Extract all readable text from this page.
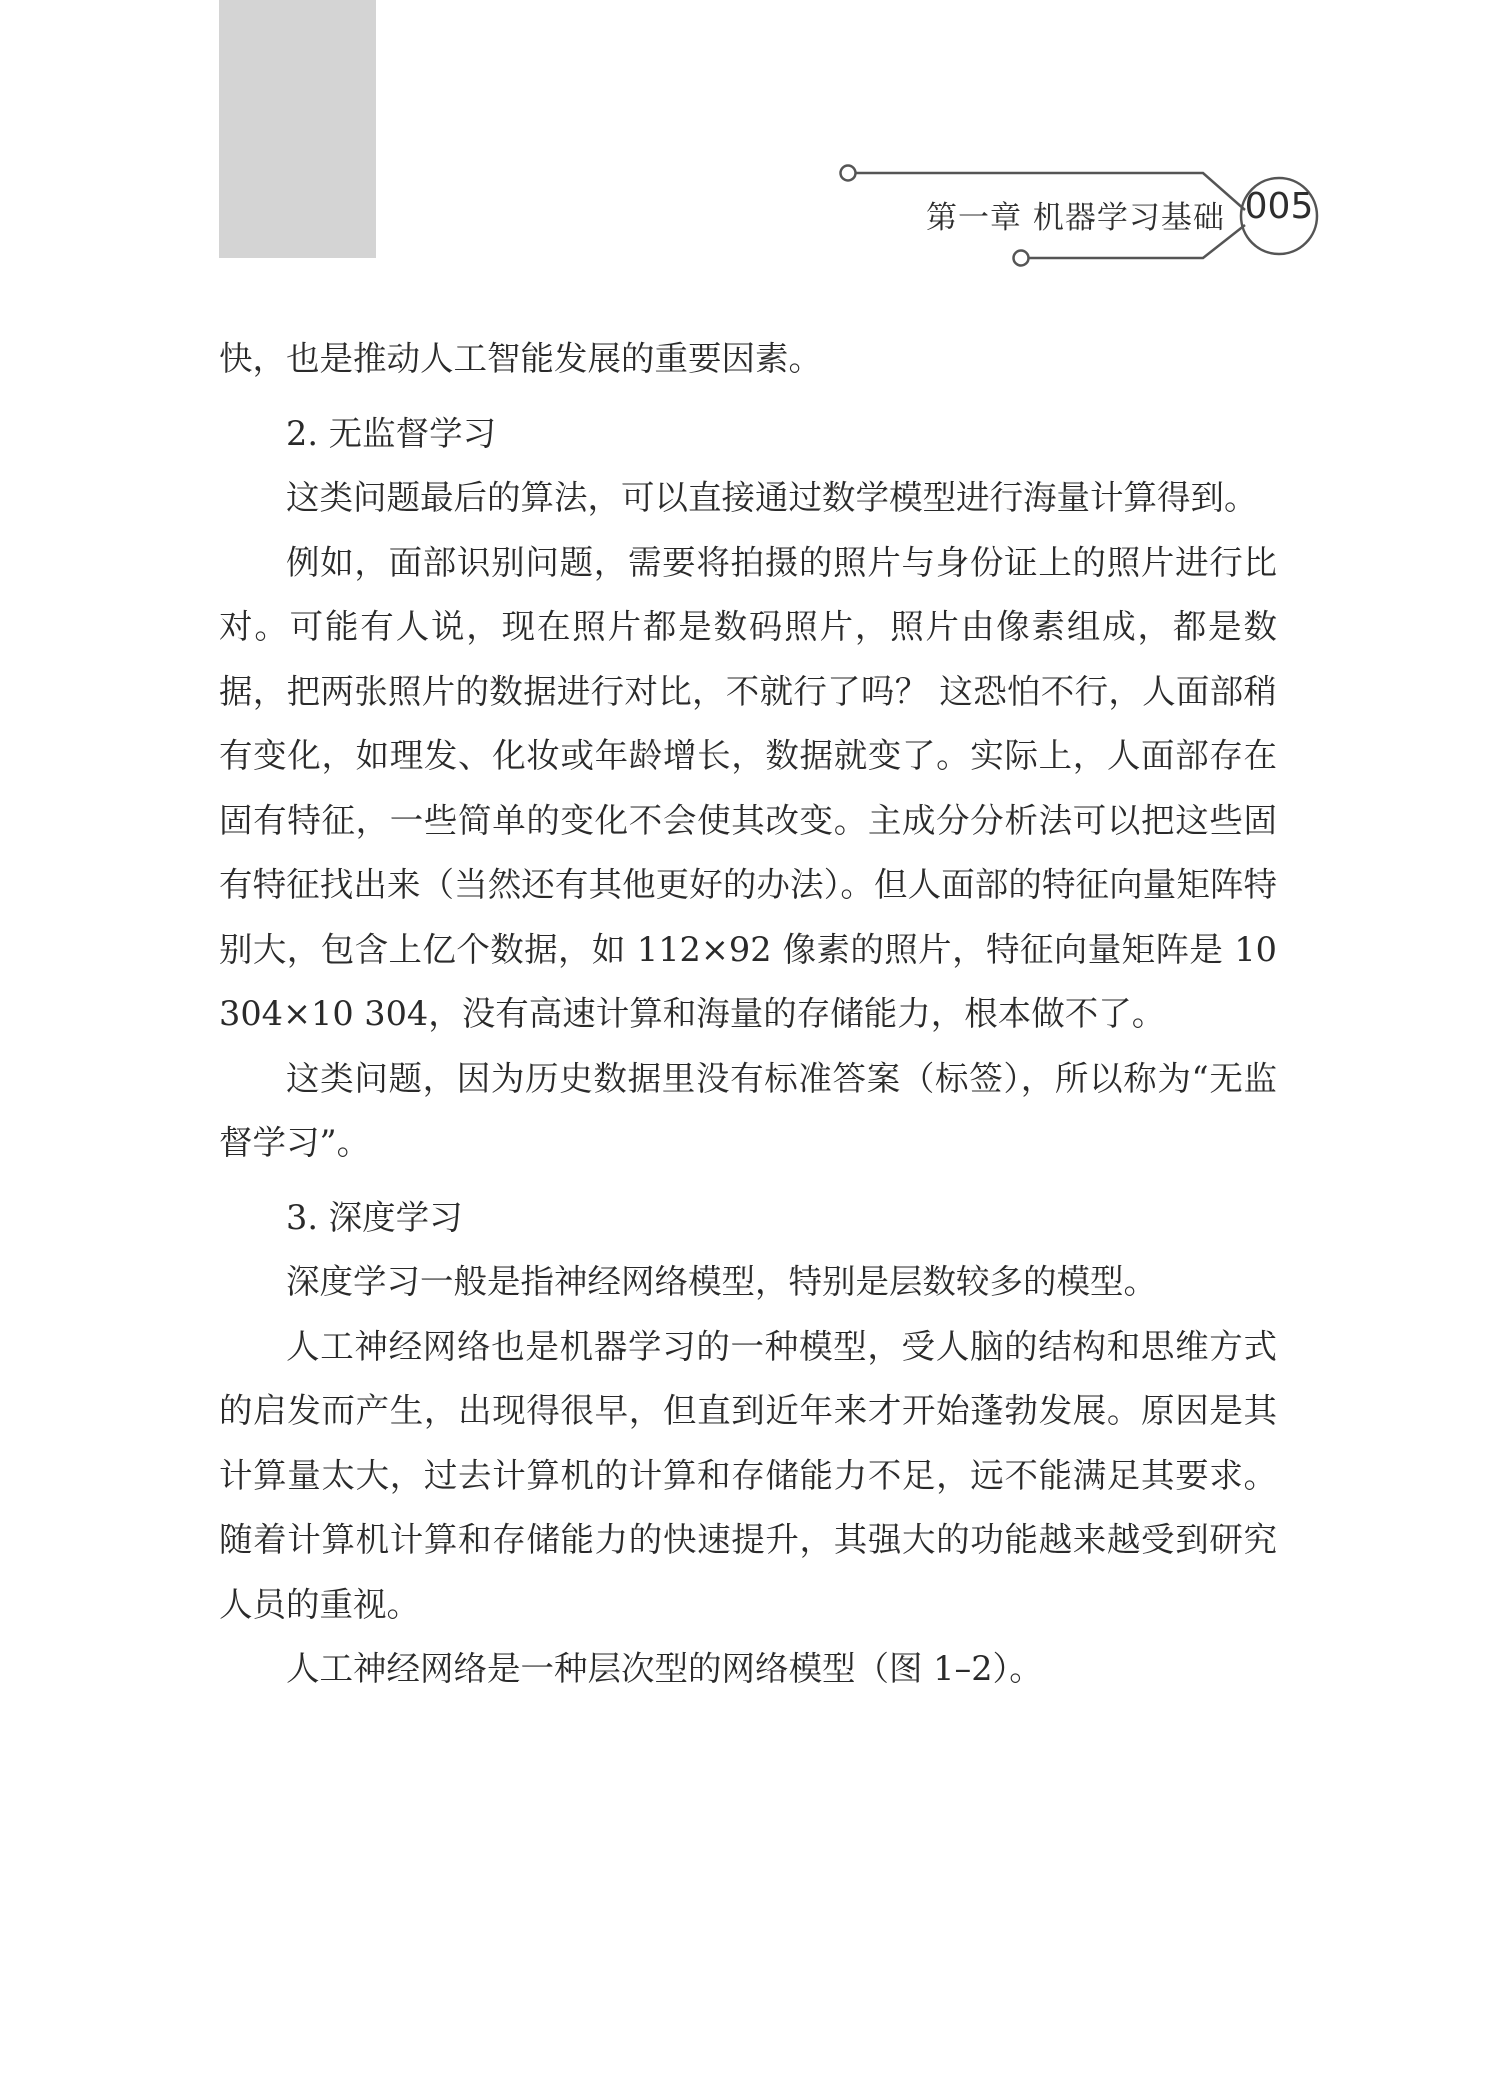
第一章 机器学习基础 005

快，也是推动人工智能发展的重要因素。

2. 无监督学习

这类问题最后的算法，可以直接通过数学模型进行海量计算得到。

例如，面部识别问题，需要将拍摄的照片与身份证上的照片进行比对。可能有人说，现在照片都是数码照片，照片由像素组成，都是数据，把两张照片的数据进行对比，不就行了吗？ 这恐怕不行，人面部稍有变化，如理发、化妆或年龄增长，数据就变了。实际上，人面部存在固有特征，一些简单的变化不会使其改变。主成分分析法可以把这些固有特征找出来（当然还有其他更好的办法）。但人面部的特征向量矩阵特别大，包含上亿个数据，如 112×92 像素的照片，特征向量矩阵是 10 304×10 304，没有高速计算和海量的存储能力，根本做不了。

这类问题，因为历史数据里没有标准答案（标签），所以称为“无监督学习”。

3. 深度学习

深度学习一般是指神经网络模型，特别是层数较多的模型。

人工神经网络也是机器学习的一种模型，受人脑的结构和思维方式的启发而产生，出现得很早，但直到近年来才开始蓬勃发展。原因是其计算量太大，过去计算机的计算和存储能力不足，远不能满足其要求。随着计算机计算和存储能力的快速提升，其强大的功能越来越受到研究人员的重视。

人工神经网络是一种层次型的网络模型（图 1–2）。
